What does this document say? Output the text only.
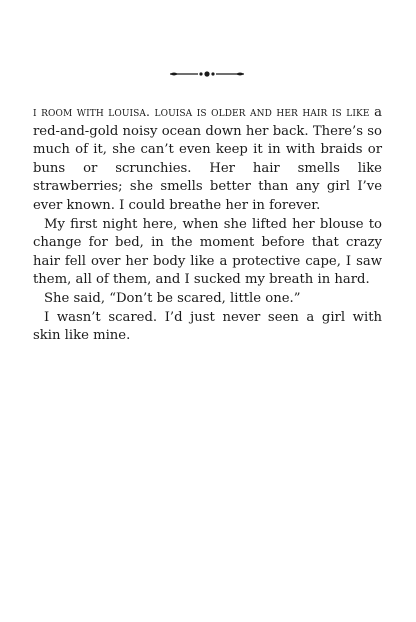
i room with louisa. louisa is older and her hair is like a red-and-gold noisy ocean down her back. There’s so much of it, she can’t even keep it in with braids or buns or scrunchies. Her hair smells like strawberries; she smells better than any girl I’ve ever known. I could breathe her in forever.

My first night here, when she lifted her blouse to change for bed, in the moment before that crazy hair fell over her body like a protective cape, I saw them, all of them, and I sucked my breath in hard.

She said, “Don’t be scared, little one.”

I wasn’t scared. I’d just never seen a girl with skin like mine.
